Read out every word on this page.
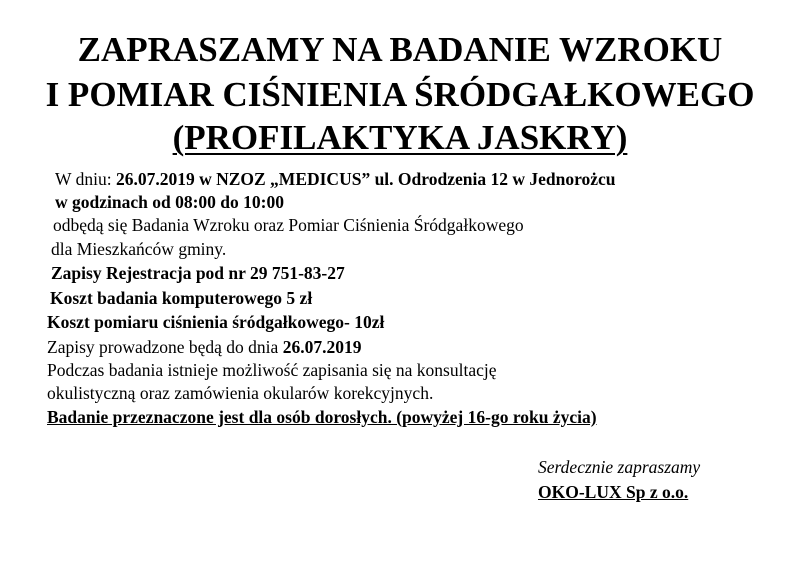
ZAPRASZAMY NA BADANIE WZROKU
I POMIAR CIŚNIENIA ŚRÓDGAŁKOWEGO
(PROFILAKTYKA JASKRY)
W dniu: 26.07.2019 w NZOZ „MEDICUS” ul. Odrodzenia 12 w Jednorożcu
w godzinach od 08:00 do 10:00
odbędą się Badania Wzroku oraz Pomiar Ciśnienia Śródgałkowego
dla Mieszkańców gminy.
Zapisy Rejestracja pod nr 29 751-83-27
Koszt badania komputerowego 5 zł
Koszt pomiaru ciśnienia śródgałkowego- 10zł
Zapisy prowadzone będą do dnia 26.07.2019
Podczas badania istnieje możliwość zapisania się na konsultację
okulistyczną oraz zamówienia okularów korekcyjnych.
Badanie przeznaczone jest dla osób dorosłych. (powyżej 16-go roku życia)
Serdecznie zapraszamy
OKO-LUX Sp z o.o.
